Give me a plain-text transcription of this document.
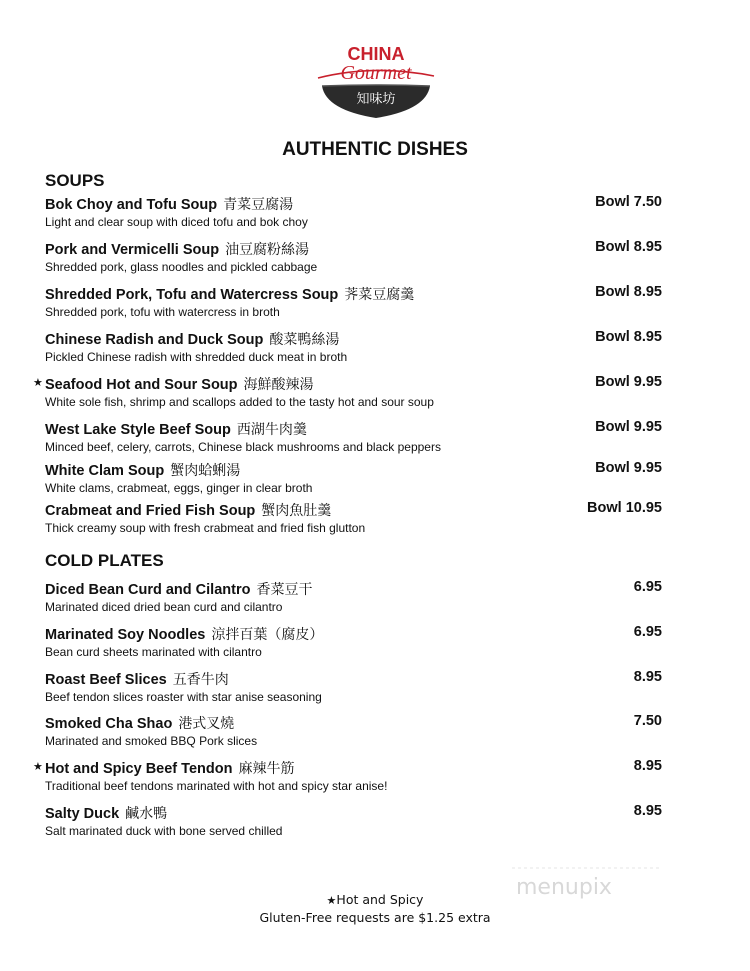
CHINA
Gourmet
知味坊
AUTHENTIC DISHES
SOUPS
Bok Choy and Tofu Soup 青菜豆腐湯	Bowl 7.50
Light and clear soup with diced tofu and bok choy
Pork and Vermicelli Soup 油豆腐粉絲湯	Bowl 8.95
Shredded pork, glass noodles and pickled cabbage
Shredded Pork, Tofu and Watercress Soup 荠菜豆腐羹	Bowl 8.95
Shredded pork, tofu with watercress in broth
Chinese Radish and Duck Soup 酸菜鴨絲湯	Bowl 8.95
Pickled Chinese radish with shredded duck meat in broth
★ Seafood Hot and Sour Soup 海鮮酸辣湯	Bowl 9.95
White sole fish, shrimp and scallops added to the tasty hot and sour soup
West Lake Style Beef Soup 西湖牛肉羹	Bowl 9.95
Minced beef, celery, carrots, Chinese black mushrooms and black peppers
White Clam Soup 蟹肉蛤蜊湯	Bowl 9.95
White clams, crabmeat, eggs, ginger in clear broth
Crabmeat and Fried Fish Soup 蟹肉魚肚羹	Bowl 10.95
Thick creamy soup with fresh crabmeat and fried fish glutton
COLD PLATES
Diced Bean Curd and Cilantro 香菜豆干	6.95
Marinated diced dried bean curd and cilantro
Marinated Soy Noodles 涼拌百葉（腐皮）	6.95
Bean curd sheets marinated with cilantro
Roast Beef Slices 五香牛肉	8.95
Beef tendon slices roaster with star anise seasoning
Smoked Cha Shao 港式叉燒	7.50
Marinated and smoked BBQ Pork slices
★ Hot and Spicy Beef Tendon 麻辣牛筋	8.95
Traditional beef tendons marinated with hot and spicy star anise!
Salty Duck 鹹水鴨	8.95
Salt marinated duck with bone served chilled
★Hot and Spicy
Gluten-Free requests are $1.25 extra
menupix
